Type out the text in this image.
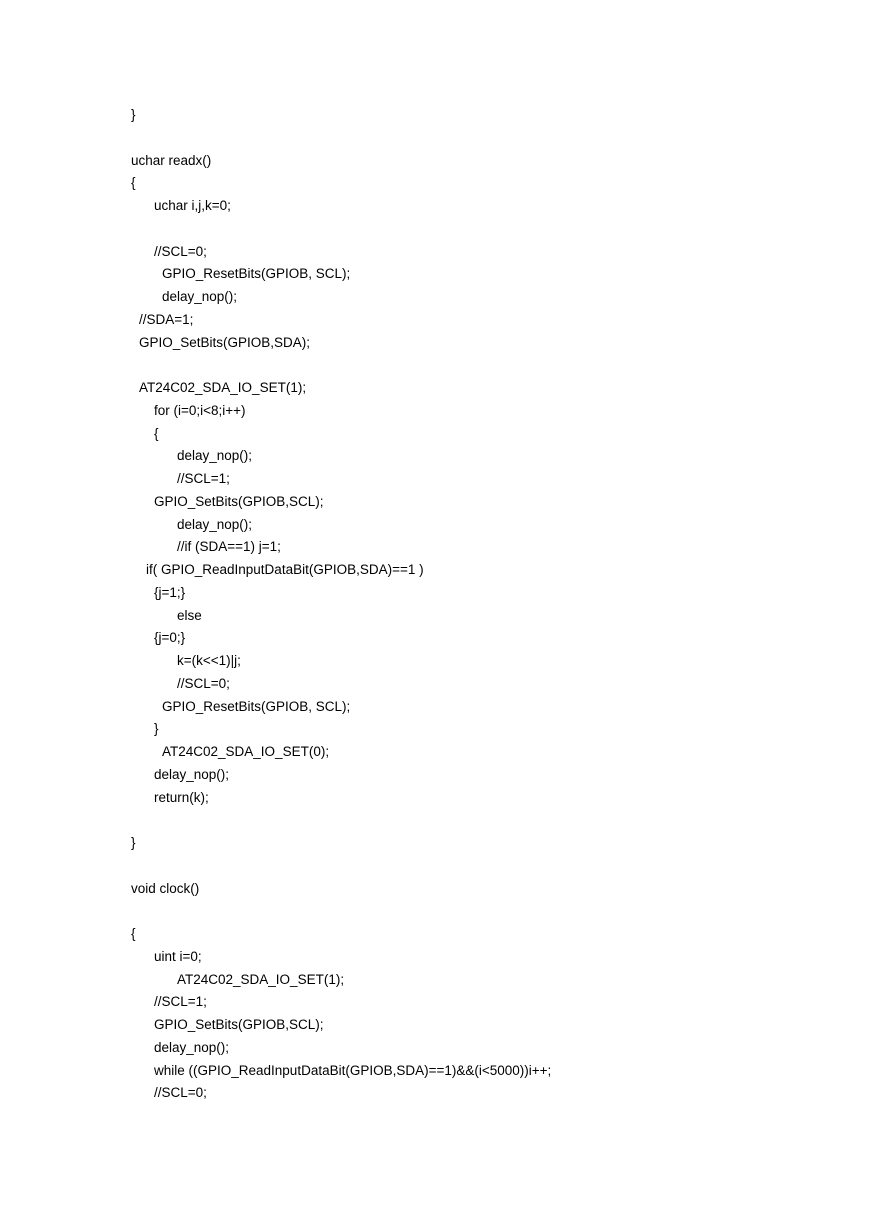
}
uchar readx()
{
uchar i,j,k=0;
//SCL=0;
GPIO_ResetBits(GPIOB, SCL);
delay_nop();
//SDA=1;
GPIO_SetBits(GPIOB,SDA);
AT24C02_SDA_IO_SET(1);
for (i=0;i<8;i++)
{
delay_nop();
//SCL=1;
GPIO_SetBits(GPIOB,SCL);
delay_nop();
//if (SDA==1) j=1;
if( GPIO_ReadInputDataBit(GPIOB,SDA)==1 )
{j=1;}
else
{j=0;}
k=(k<<1)|j;
//SCL=0;
GPIO_ResetBits(GPIOB, SCL);
}
AT24C02_SDA_IO_SET(0);
delay_nop();
return(k);
}
void clock()
{
uint i=0;
AT24C02_SDA_IO_SET(1);
//SCL=1;
GPIO_SetBits(GPIOB,SCL);
delay_nop();
while ((GPIO_ReadInputDataBit(GPIOB,SDA)==1)&&(i<5000))i++;
//SCL=0;
